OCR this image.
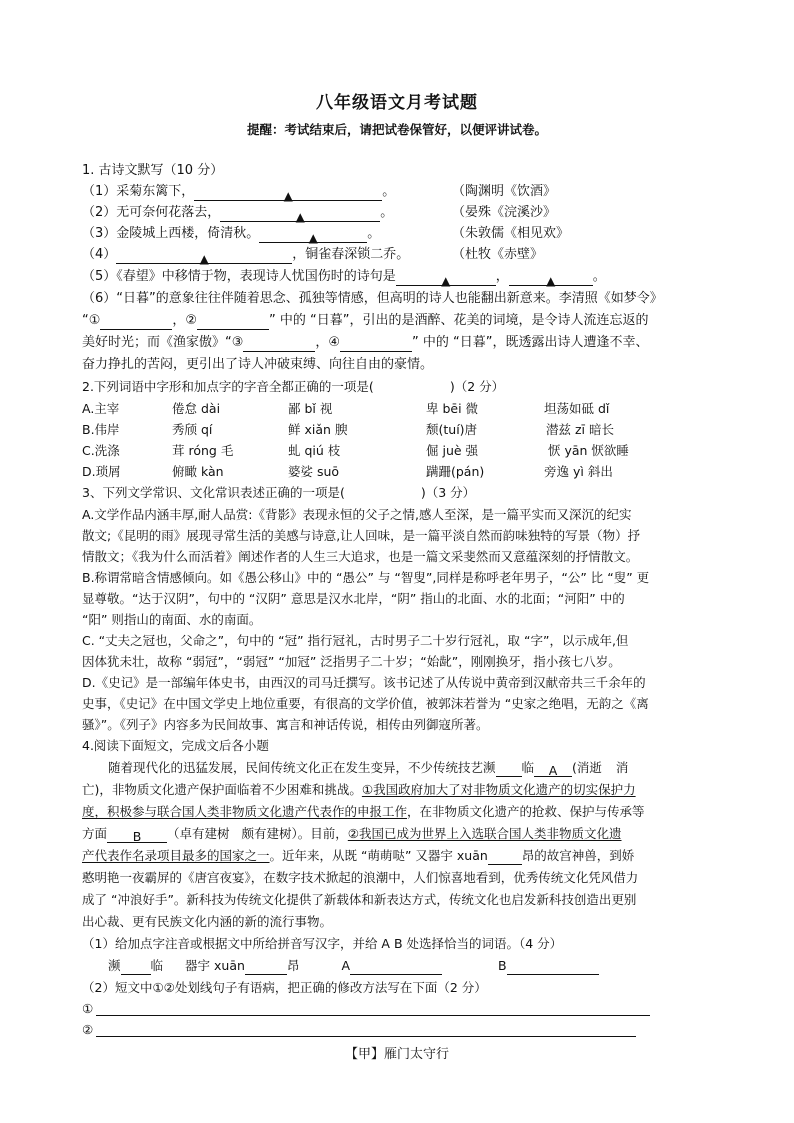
八年级语文月考试题
提醒：考试结束后，请把试卷保管好，以便评讲试卷。
1. 古诗文默写（10 分）
（1）采菊东篱下，	▲	。	（陶渊明《饮酒》
（2）无可奈何花落去，	▲	。	（晏殊《浣溪沙》
（3）金陵城上西楼，倚清秋。	▲	。	（朱敦儒《相见欢》
（4）	▲	，铜雀春深锁二乔。	（杜牧《赤壁》
（5）《春望》中移情于物，表现诗人忧国伤时的诗句是	▲	，	▲	。
（6）“日暮”的意象往往伴随着思念、孤独等情感，但高明的诗人也能翻出新意来。李清照《如梦令》
“①	，②	” 中的 “日暮”，引出的是酒醉、花美的词境，是令诗人流连忘返的
美好时光；而《渔家傲》“③	，④	” 中的 “日暮”，既透露出诗人遭逢不幸、
奋力挣扎的苦闷，更引出了诗人冲破束缚、向往自由的豪情。
2.下列词语中字形和加点字的字音全都正确的一项是(	)（2 分）
A.主宰	倦怠 dài	鄙 bǐ 视	卑 bēi 微	坦荡如砥 dǐ
B.伟岸	秀颀 qí	鲜 xiǎn 腴	颓(tuí)唐	潜兹 zī 暗长
C.洗涤	茸 róng 毛	虬 qiú 枝	倔 juè 强	恹 yān 恹欲睡
D.琐屑	俯瞰 kàn	婆娑 suō	蹒跚(pán)	旁逸 yì 斜出
3、下列文学常识、文化常识表述正确的一项是(	)（3 分）
A.文学作品内涵丰厚,耐人品赏:《背影》表现永恒的父子之情,感人至深，是一篇平实而又深沉的纪实
散文;《昆明的雨》展现寻常生活的美感与诗意,让人回味，是一篇平淡自然而韵味独特的写景（物）抒
情散文；《我为什么而活着》阐述作者的人生三大追求，也是一篇文采斐然而又意蕴深刻的抒情散文。
B.称谓常暗含情感倾向。如《愚公移山》中的 “愚公” 与 “智叟”,同样是称呼老年男子，“公” 比 “叟” 更
显尊敬。“达于汉阴”，句中的 “汉阴” 意思是汉水北岸，“阴” 指山的北面、水的北面；“河阳” 中的
“阳” 则指山的南面、水的南面。
C. “丈夫之冠也，父命之”，句中的 “冠” 指行冠礼，古时男子二十岁行冠礼，取 “字”，以示成年,但
因体犹未壮，故称 “弱冠”，“弱冠” “加冠” 泛指男子二十岁；“始龀”，刚刚换牙，指小孩七八岁。
D.《史记》是一部编年体史书，由西汉的司马迁撰写。该书记述了从传说中黄帝到汉献帝共三千余年的
史事，《史记》在中国文学史上地位重要，有很高的文学价值，被郭沫若誉为 “史家之绝唱，无韵之《离
骚》”。《列子》内容多为民间故事、寓言和神话传说，相传由列御寇所著。
4.阅读下面短文，完成文后各小题
随着现代化的迅猛发展，民间传统文化正在发生变异，不少传统技艺濒 临 A (消逝 消
亡)，非物质文化遗产保护面临着不少困难和挑战。①我国政府加大了对非物质文化遗产的切实保护力
度，积极参与联合国人类非物质文化遗产代表作的申报工作，在非物质文化遗产的抢救、保护与传承等
方面 B （卓有建树 颇有建树）。目前，②我国已成为世界上入选联合国人类非物质文化遗
产代表作名录项目最多的国家之一。近年来，从既 “萌萌哒” 又器宇 xuān	昂的故宫神兽，到娇
憨明艳一夜霸屏的《唐宫夜宴》，在数字技术掀起的浪潮中，人们惊喜地看到，优秀传统文化凭风借力
成了 “冲浪好手”。新科技为传统文化提供了新载体和新表达方式，传统文化也启发新科技创造出更别
出心裁、更有民族文化内涵的新的流行事物。
（1）给加点字注音或根据文中所给拼音写汉字，并给 A B 处选择恰当的词语。（4 分）
濒 临 器宇 xuān	昂	A	B
（2）短文中①②处划线句子有语病，把正确的修改方法写在下面（2 分）
①
②
【甲】雁门太守行
